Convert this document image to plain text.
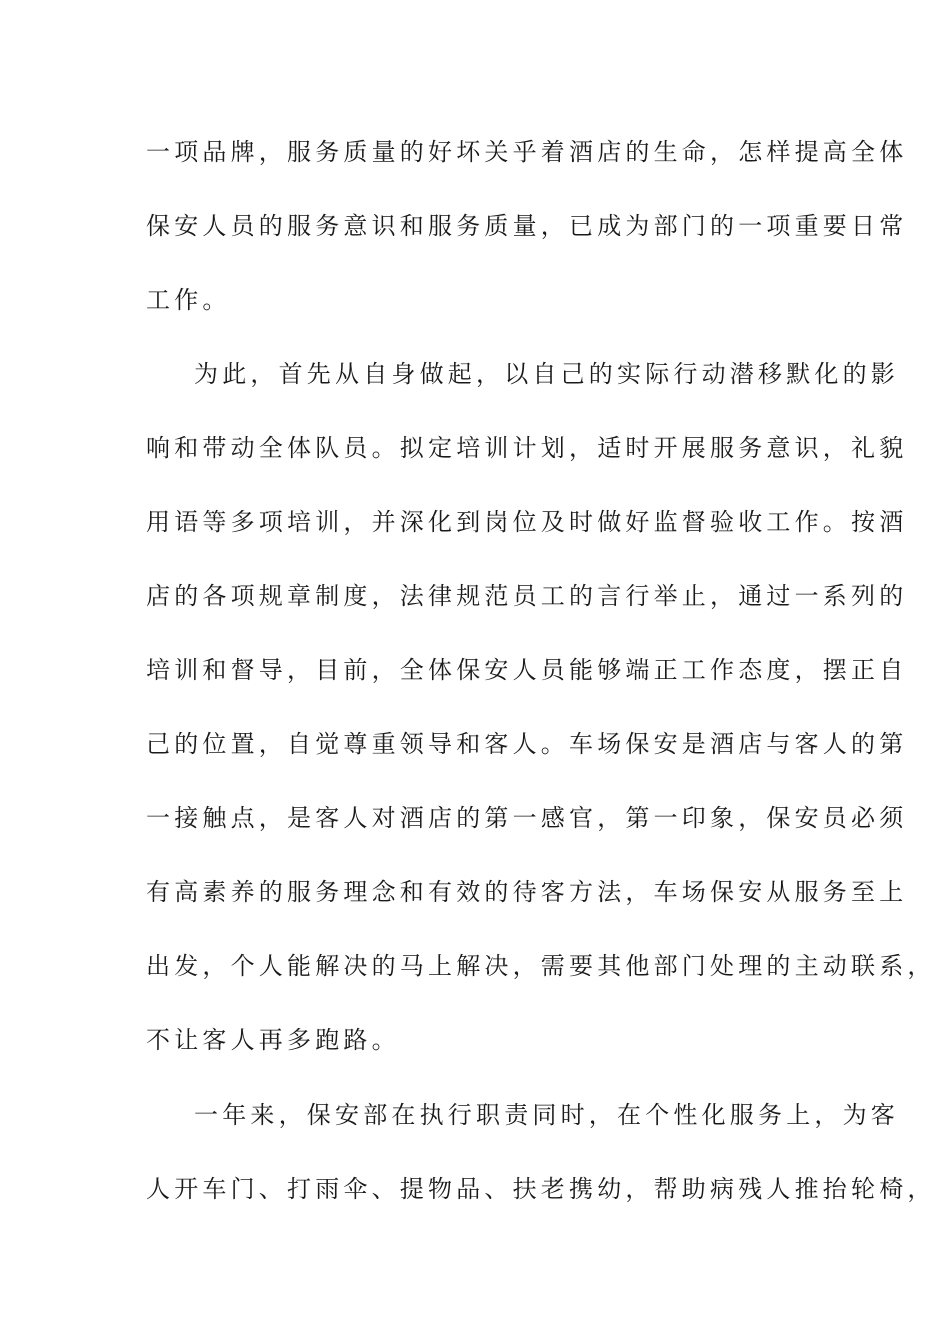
一项品牌，服务质量的好坏关乎着酒店的生命，怎样提高全体

保安人员的服务意识和服务质量，已成为部门的一项重要日常

工作。

为此，首先从自身做起，以自己的实际行动潜移默化的影

响和带动全体队员。拟定培训计划，适时开展服务意识，礼貌

用语等多项培训，并深化到岗位及时做好监督验收工作。按酒

店的各项规章制度，法律规范员工的言行举止，通过一系列的

培训和督导，目前，全体保安人员能够端正工作态度，摆正自

己的位置，自觉尊重领导和客人。车场保安是酒店与客人的第

一接触点，是客人对酒店的第一感官，第一印象，保安员必须

有高素养的服务理念和有效的待客方法，车场保安从服务至上

出发，个人能解决的马上解决，需要其他部门处理的主动联系，

不让客人再多跑路。

一年来，保安部在执行职责同时，在个性化服务上，为客

人开车门、打雨伞、提物品、扶老携幼，帮助病残人推抬轮椅，
